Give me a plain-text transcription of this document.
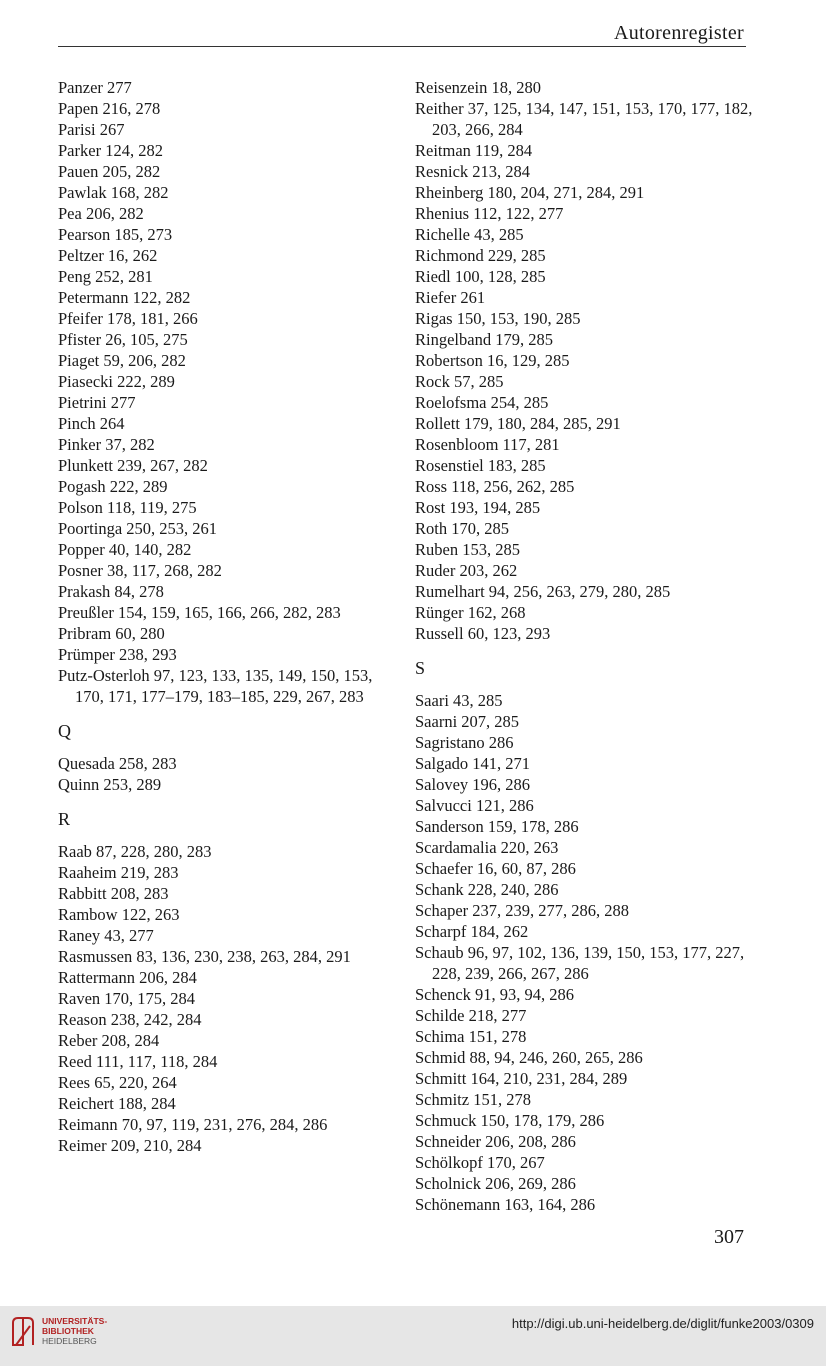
Autorenregister
Panzer 277
Papen 216, 278
Parisi 267
Parker 124, 282
Pauen 205, 282
Pawlak 168, 282
Pea 206, 282
Pearson 185, 273
Peltzer 16, 262
Peng 252, 281
Petermann 122, 282
Pfeifer 178, 181, 266
Pfister 26, 105, 275
Piaget 59, 206, 282
Piasecki 222, 289
Pietrini 277
Pinch 264
Pinker 37, 282
Plunkett 239, 267, 282
Pogash 222, 289
Polson 118, 119, 275
Poortinga 250, 253, 261
Popper 40, 140, 282
Posner 38, 117, 268, 282
Prakash 84, 278
Preußler 154, 159, 165, 166, 266, 282, 283
Pribram 60, 280
Prümper 238, 293
Putz-Osterloh 97, 123, 133, 135, 149, 150, 153, 170, 171, 177–179, 183–185, 229, 267, 283
Q
Quesada 258, 283
Quinn 253, 289
R
Raab 87, 228, 280, 283
Raaheim 219, 283
Rabbitt 208, 283
Rambow 122, 263
Raney 43, 277
Rasmussen 83, 136, 230, 238, 263, 284, 291
Rattermann 206, 284
Raven 170, 175, 284
Reason 238, 242, 284
Reber 208, 284
Reed 111, 117, 118, 284
Rees 65, 220, 264
Reichert 188, 284
Reimann 70, 97, 119, 231, 276, 284, 286
Reimer 209, 210, 284
Reisenzein 18, 280
Reither 37, 125, 134, 147, 151, 153, 170, 177, 182, 203, 266, 284
Reitman 119, 284
Resnick 213, 284
Rheinberg 180, 204, 271, 284, 291
Rhenius 112, 122, 277
Richelle 43, 285
Richmond 229, 285
Riedl 100, 128, 285
Riefer 261
Rigas 150, 153, 190, 285
Ringelband 179, 285
Robertson 16, 129, 285
Rock 57, 285
Roelofsma 254, 285
Rollett 179, 180, 284, 285, 291
Rosenbloom 117, 281
Rosenstiel 183, 285
Ross 118, 256, 262, 285
Rost 193, 194, 285
Roth 170, 285
Ruben 153, 285
Ruder 203, 262
Rumelhart 94, 256, 263, 279, 280, 285
Rünger 162, 268
Russell 60, 123, 293
S
Saari 43, 285
Saarni 207, 285
Sagristano 286
Salgado 141, 271
Salovey 196, 286
Salvucci 121, 286
Sanderson 159, 178, 286
Scardamalia 220, 263
Schaefer 16, 60, 87, 286
Schank 228, 240, 286
Schaper 237, 239, 277, 286, 288
Scharpf 184, 262
Schaub 96, 97, 102, 136, 139, 150, 153, 177, 227, 228, 239, 266, 267, 286
Schenck 91, 93, 94, 286
Schilde 218, 277
Schima 151, 278
Schmid 88, 94, 246, 260, 265, 286
Schmitt 164, 210, 231, 284, 289
Schmitz 151, 278
Schmuck 150, 178, 179, 286
Schneider 206, 208, 286
Schölkopf 170, 267
Scholnick 206, 269, 286
Schönemann 163, 164, 286
307
UNIVERSITÄTS-
BIBLIOTHEK
HEIDELBERG
http://digi.ub.uni-heidelberg.de/diglit/funke2003/0309
